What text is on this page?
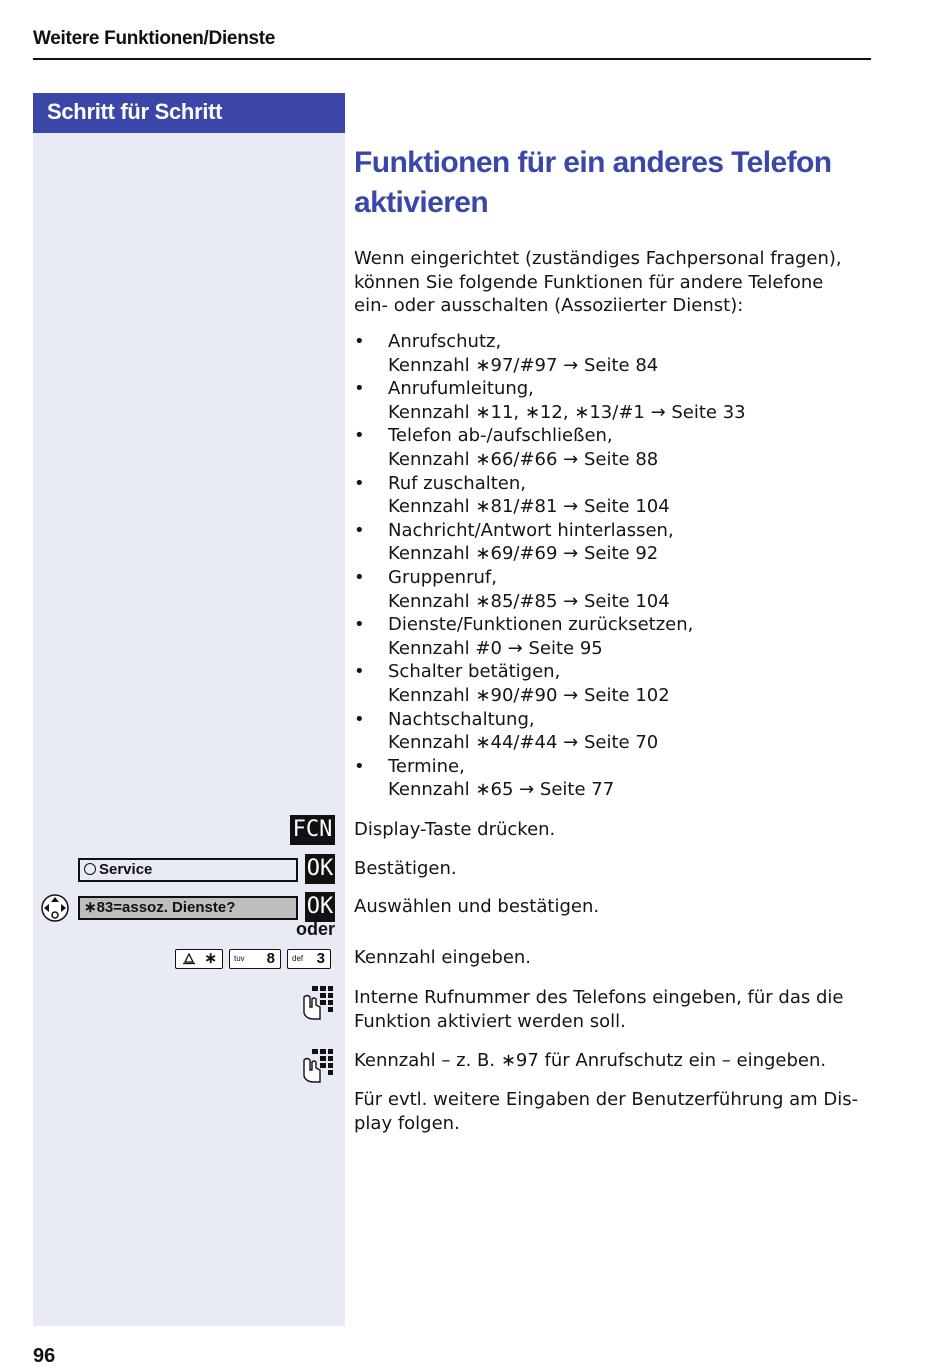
Weitere Funktionen/Dienste
Schritt für Schritt
Funktionen für ein anderes Telefon
aktivieren
Wenn eingerichtet (zuständiges Fachpersonal fragen),
können Sie folgende Funktionen für andere Telefone
ein- oder ausschalten (Assoziierter Dienst):
• Anrufschutz,
Kennzahl ∗97/#97 → Seite 84
• Anrufumleitung,
Kennzahl ∗11, ∗12, ∗13/#1 → Seite 33
• Telefon ab-/aufschließen,
Kennzahl ∗66/#66 → Seite 88
• Ruf zuschalten,
Kennzahl ∗81/#81 → Seite 104
• Nachricht/Antwort hinterlassen,
Kennzahl ∗69/#69 → Seite 92
• Gruppenruf,
Kennzahl ∗85/#85 → Seite 104
• Dienste/Funktionen zurücksetzen,
Kennzahl #0 → Seite 95
• Schalter betätigen,
Kennzahl ∗90/#90 → Seite 102
• Nachtschaltung,
Kennzahl ∗44/#44 → Seite 70
• Termine,
Kennzahl ∗65 → Seite 77
FCN Display-Taste drücken.
Service	OK Bestätigen.
∗83=assoz. Dienste?	OK Auswählen und bestätigen.
oder
∗ tuv 8 def 3 Kennzahl eingeben.
Interne Rufnummer des Telefons eingeben, für das die
Funktion aktiviert werden soll.
Kennzahl – z. B. ∗97 für Anrufschutz ein – eingeben.
Für evtl. weitere Eingaben der Benutzerführung am Dis-
play folgen.
96
